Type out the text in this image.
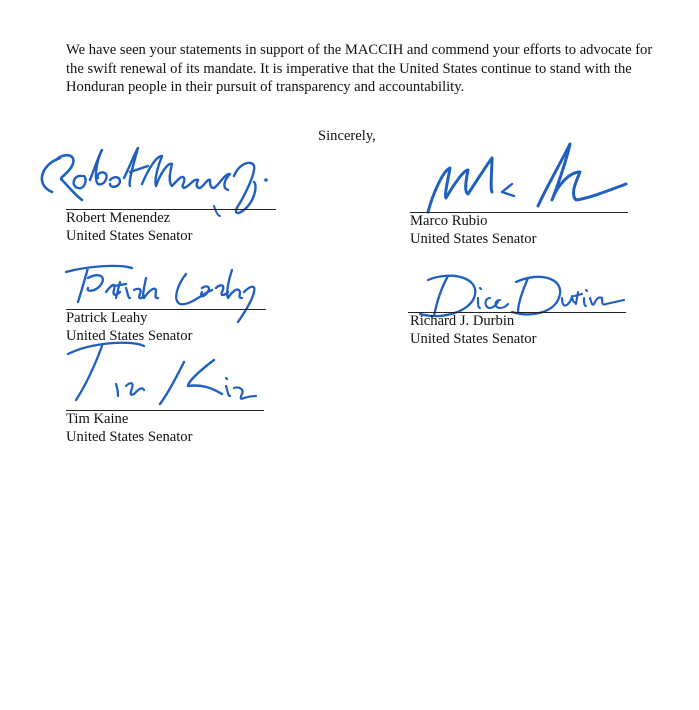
We have seen your statements in support of the MACCIH and commend your efforts to advocate for the swift renewal of its mandate. It is imperative that the United States continue to stand with the Honduran people in their pursuit of transparency and accountability.

Sincerely,
Robert Menendez
United States Senator
Marco Rubio
United States Senator
Patrick Leahy
United States Senator
Richard J. Durbin
United States Senator
Tim Kaine
United States Senator
